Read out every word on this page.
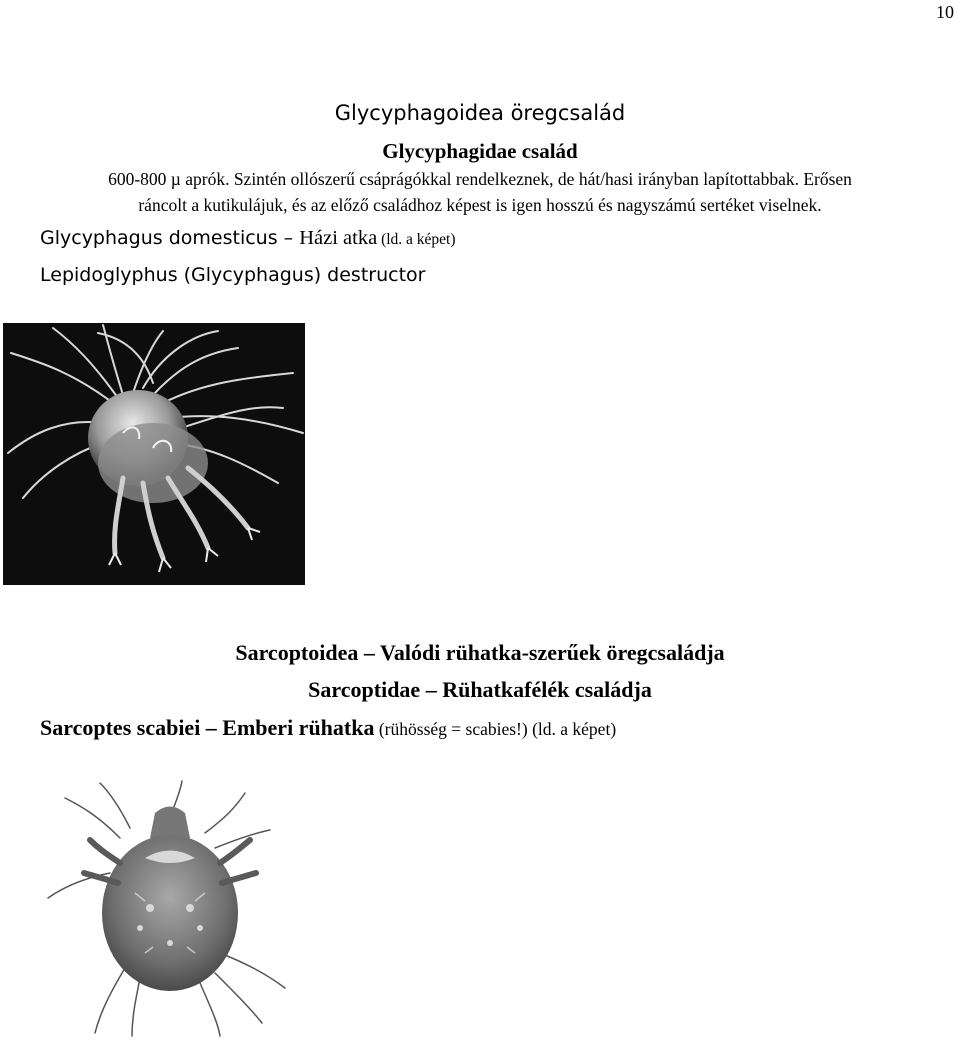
10
Glycyphagoidea öregcsalád
Glycyphagidae család
600-800 µ aprók. Szintén ollószerű csáprágókkal rendelkeznek, de hát/hasi irányban lapítottabbak. Erősen
ráncolt a kutikulájuk, és az előző családhoz képest is igen hosszú és nagyszámú sertéket viselnek.
Glycyphagus domesticus – Házi atka (ld. a képet)
Lepidoglyphus (Glycyphagus) destructor
Sarcoptoidea – Valódi rühatka-szerűek öregcsaládja
Sarcoptidae – Rühatkafélék családja
Sarcoptes scabiei – Emberi rühatka (rühösség = scabies!) (ld. a képet)
